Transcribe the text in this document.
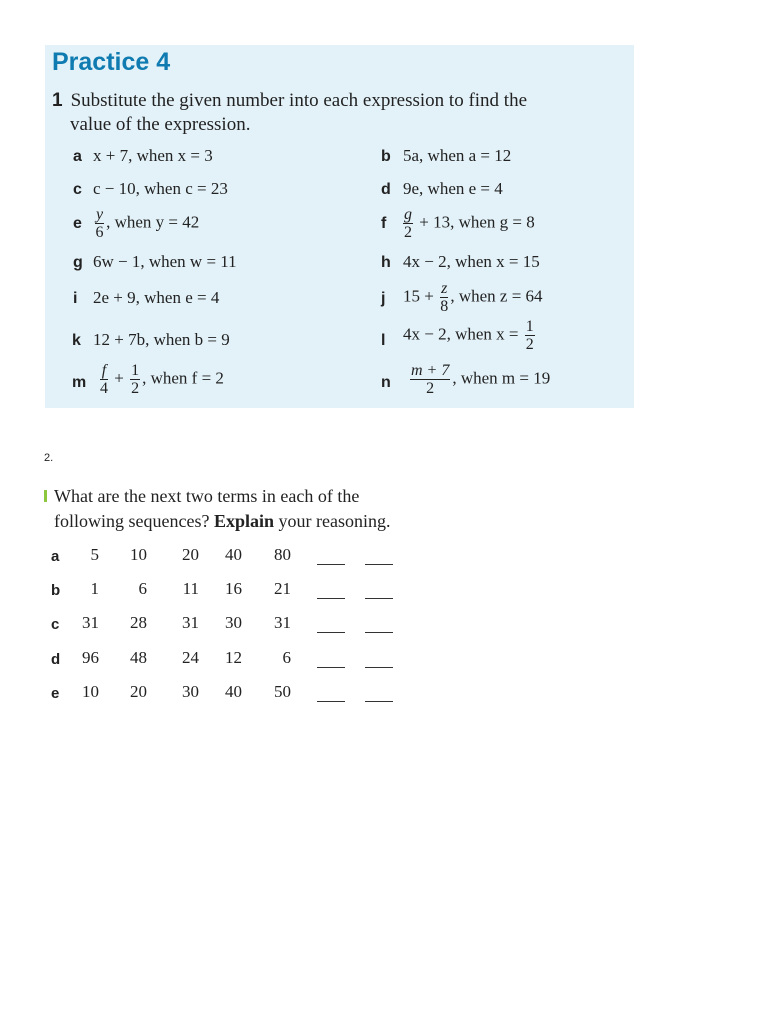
Practice 4
1 Substitute the given number into each expression to find the
value of the expression.
a x + 7, when x = 3
c c − 10, when c = 23
e $\frac{y}{6}$ , when y = 42
g 6w − 1, when w = 11
i 2e + 9, when e = 4
k 12 + 7b, when b = 9
m $\frac{f}{4} + \frac{1}{2}$ , when f = 2
b 5a, when a = 12
d 9e, when e = 4
f $\frac{g}{2} + 13$, when g = 8
h 4x − 2, when x = 15
j $15 + \frac{z}{8}$ , when z = 64
l 4x − 2, when $x = \frac{1}{2}$
n $\frac{m + 7}{2}$ , when m = 19
2.
What are the next two terms in each of the
following sequences? Explain your reasoning.
a	5	10	20	40	80
b	1	6	11	16	21
c	31	28	31	30	31
d	96	48	24	12	6
e	10	20	30	40	50
